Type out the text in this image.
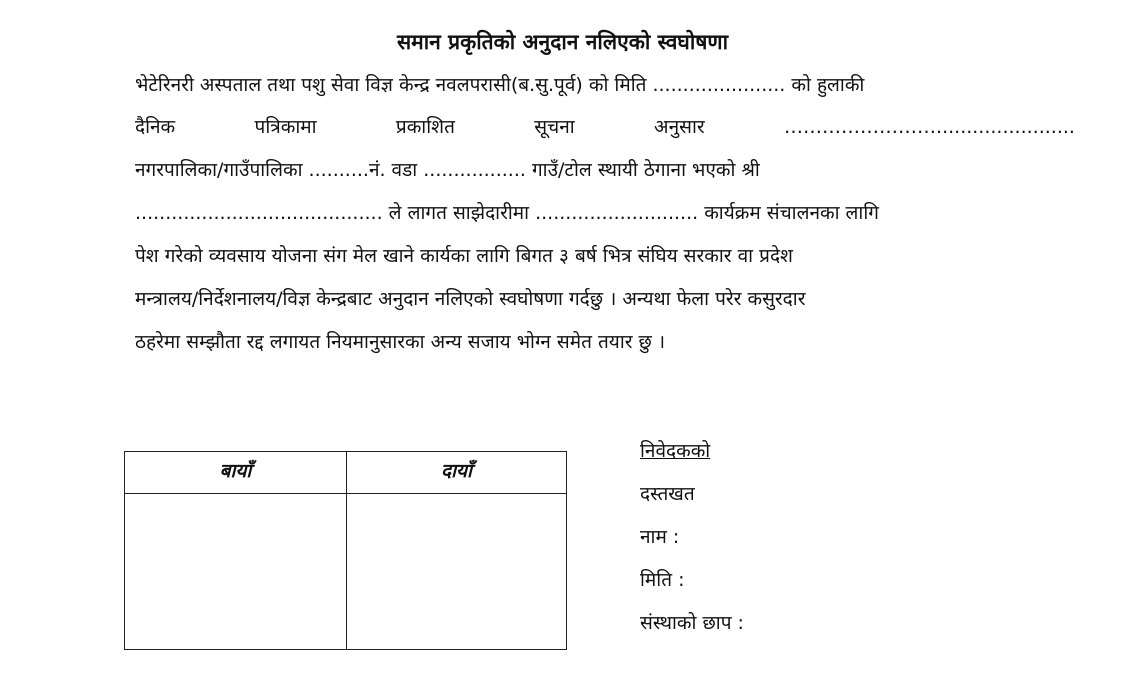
समान प्रकृतिको अनुदान नलिएको स्वघोषणा
भेटेरिनरी अस्पताल तथा पशु सेवा विज्ञ केन्द्र नवलपरासी(ब.सु.पूर्व) को मिति ...................... को हुलाकी
दैनिक	पत्रिकामा	प्रकाशित	सूचना	अनुसार	…………………….......................
नगरपालिका/गाउँपालिका ..........नं. वडा ................. गाउँ/टोल स्थायी ठेगाना भएको श्री
......................................... ले लागत साझेदारीमा ........................... कार्यक्रम संचालनका लागि
पेश गरेको व्यवसाय योजना संग मेल खाने कार्यका लागि बिगत ३ बर्ष भित्र संघिय सरकार वा प्रदेश
मन्त्रालय/निर्देशनालय/विज्ञ केन्द्रबाट अनुदान नलिएको स्वघोषणा गर्दछु । अन्यथा फेला परेर कसुरदार
ठहरेमा सम्झौता रद्द लगायत नियमानुसारका अन्य सजाय भोग्न समेत तयार छु ।
बायाँ	दायाँ
निवेदकको
दस्तखत
नाम :
मिति :
संस्थाको छाप :
